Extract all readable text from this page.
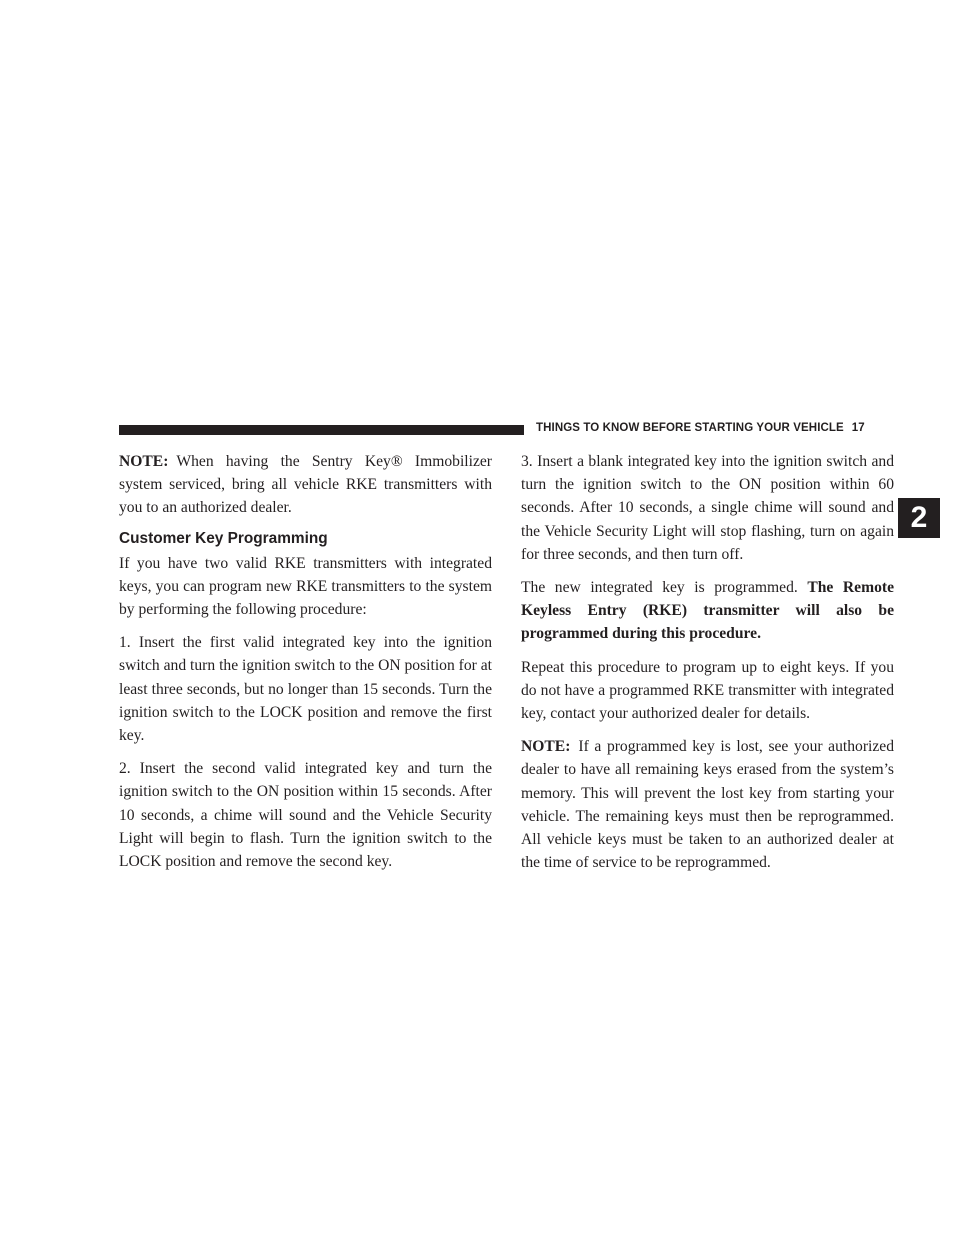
THINGS TO KNOW BEFORE STARTING YOUR VEHICLE 17
2

NOTE: When having the Sentry Key® Immobilizer system serviced, bring all vehicle RKE transmitters with you to an authorized dealer.

Customer Key Programming

If you have two valid RKE transmitters with integrated keys, you can program new RKE transmitters to the system by performing the following procedure:

1. Insert the first valid integrated key into the ignition switch and turn the ignition switch to the ON position for at least three seconds, but no longer than 15 seconds. Turn the ignition switch to the LOCK position and remove the first key.

2. Insert the second valid integrated key and turn the ignition switch to the ON position within 15 seconds. After 10 seconds, a chime will sound and the Vehicle Security Light will begin to flash. Turn the ignition switch to the LOCK position and remove the second key.

3. Insert a blank integrated key into the ignition switch and turn the ignition switch to the ON position within 60 seconds. After 10 seconds, a single chime will sound and the Vehicle Security Light will stop flashing, turn on again for three seconds, and then turn off.

The new integrated key is programmed. The Remote Keyless Entry (RKE) transmitter will also be programmed during this procedure.

Repeat this procedure to program up to eight keys. If you do not have a programmed RKE transmitter with integrated key, contact your authorized dealer for details.

NOTE: If a programmed key is lost, see your authorized dealer to have all remaining keys erased from the system’s memory. This will prevent the lost key from starting your vehicle. The remaining keys must then be reprogrammed. All vehicle keys must be taken to an authorized dealer at the time of service to be reprogrammed.
